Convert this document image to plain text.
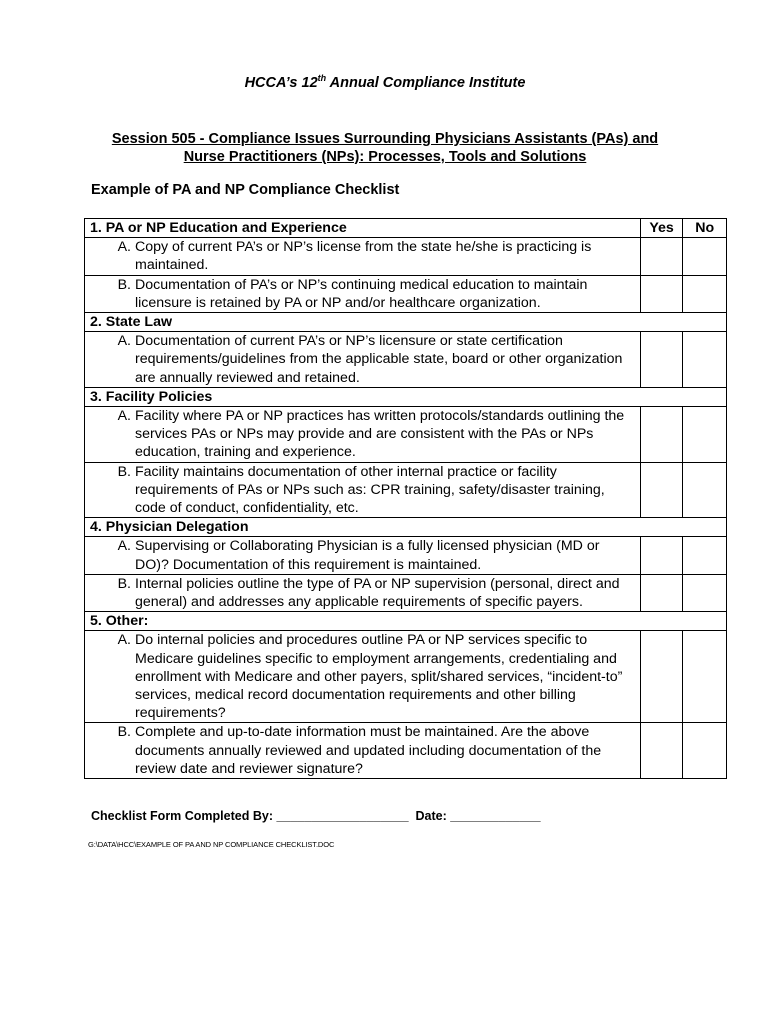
HCCA’s 12th Annual Compliance Institute
Session 505 - Compliance Issues Surrounding Physicians Assistants (PAs) and
Nurse Practitioners (NPs): Processes, Tools and Solutions
Example of PA and NP Compliance Checklist
1. PA or NP Education and Experience	Yes	No

A. Copy of current PA’s or NP’s license from the state he/she is practicing is maintained.		

B. Documentation of PA’s or NP’s continuing medical education to maintain licensure is retained by PA or NP and/or healthcare organization.		

2. State Law		

A. Documentation of current PA’s or NP’s licensure or state certification requirements/guidelines from the applicable state, board or other organization are annually reviewed and retained.		

3. Facility Policies		

A. Facility where PA or NP practices has written protocols/standards outlining the services PAs or NPs may provide and are consistent with the PAs or NPs education, training and experience.		

B. Facility maintains documentation of other internal practice or facility requirements of PAs or NPs such as: CPR training, safety/disaster training, code of conduct, confidentiality, etc.		

4. Physician Delegation		

A. Supervising or Collaborating Physician is a fully licensed physician (MD or DO)? Documentation of this requirement is maintained.		

B. Internal policies outline the type of PA or NP supervision (personal, direct and general) and addresses any applicable requirements of specific payers.		

5. Other:		

A. Do internal policies and procedures outline PA or NP services specific to Medicare guidelines specific to employment arrangements, credentialing and enrollment with Medicare and other payers, split/shared services, “incident-to” services, medical record documentation requirements and other billing requirements?		

B. Complete and up-to-date information must be maintained. Are the above documents annually reviewed and updated including documentation of the review date and reviewer signature?		

Checklist Form Completed By: ___________________  Date: _____________
G:\DATA\HCC\EXAMPLE OF PA AND NP COMPLIANCE CHECKLIST.DOC
